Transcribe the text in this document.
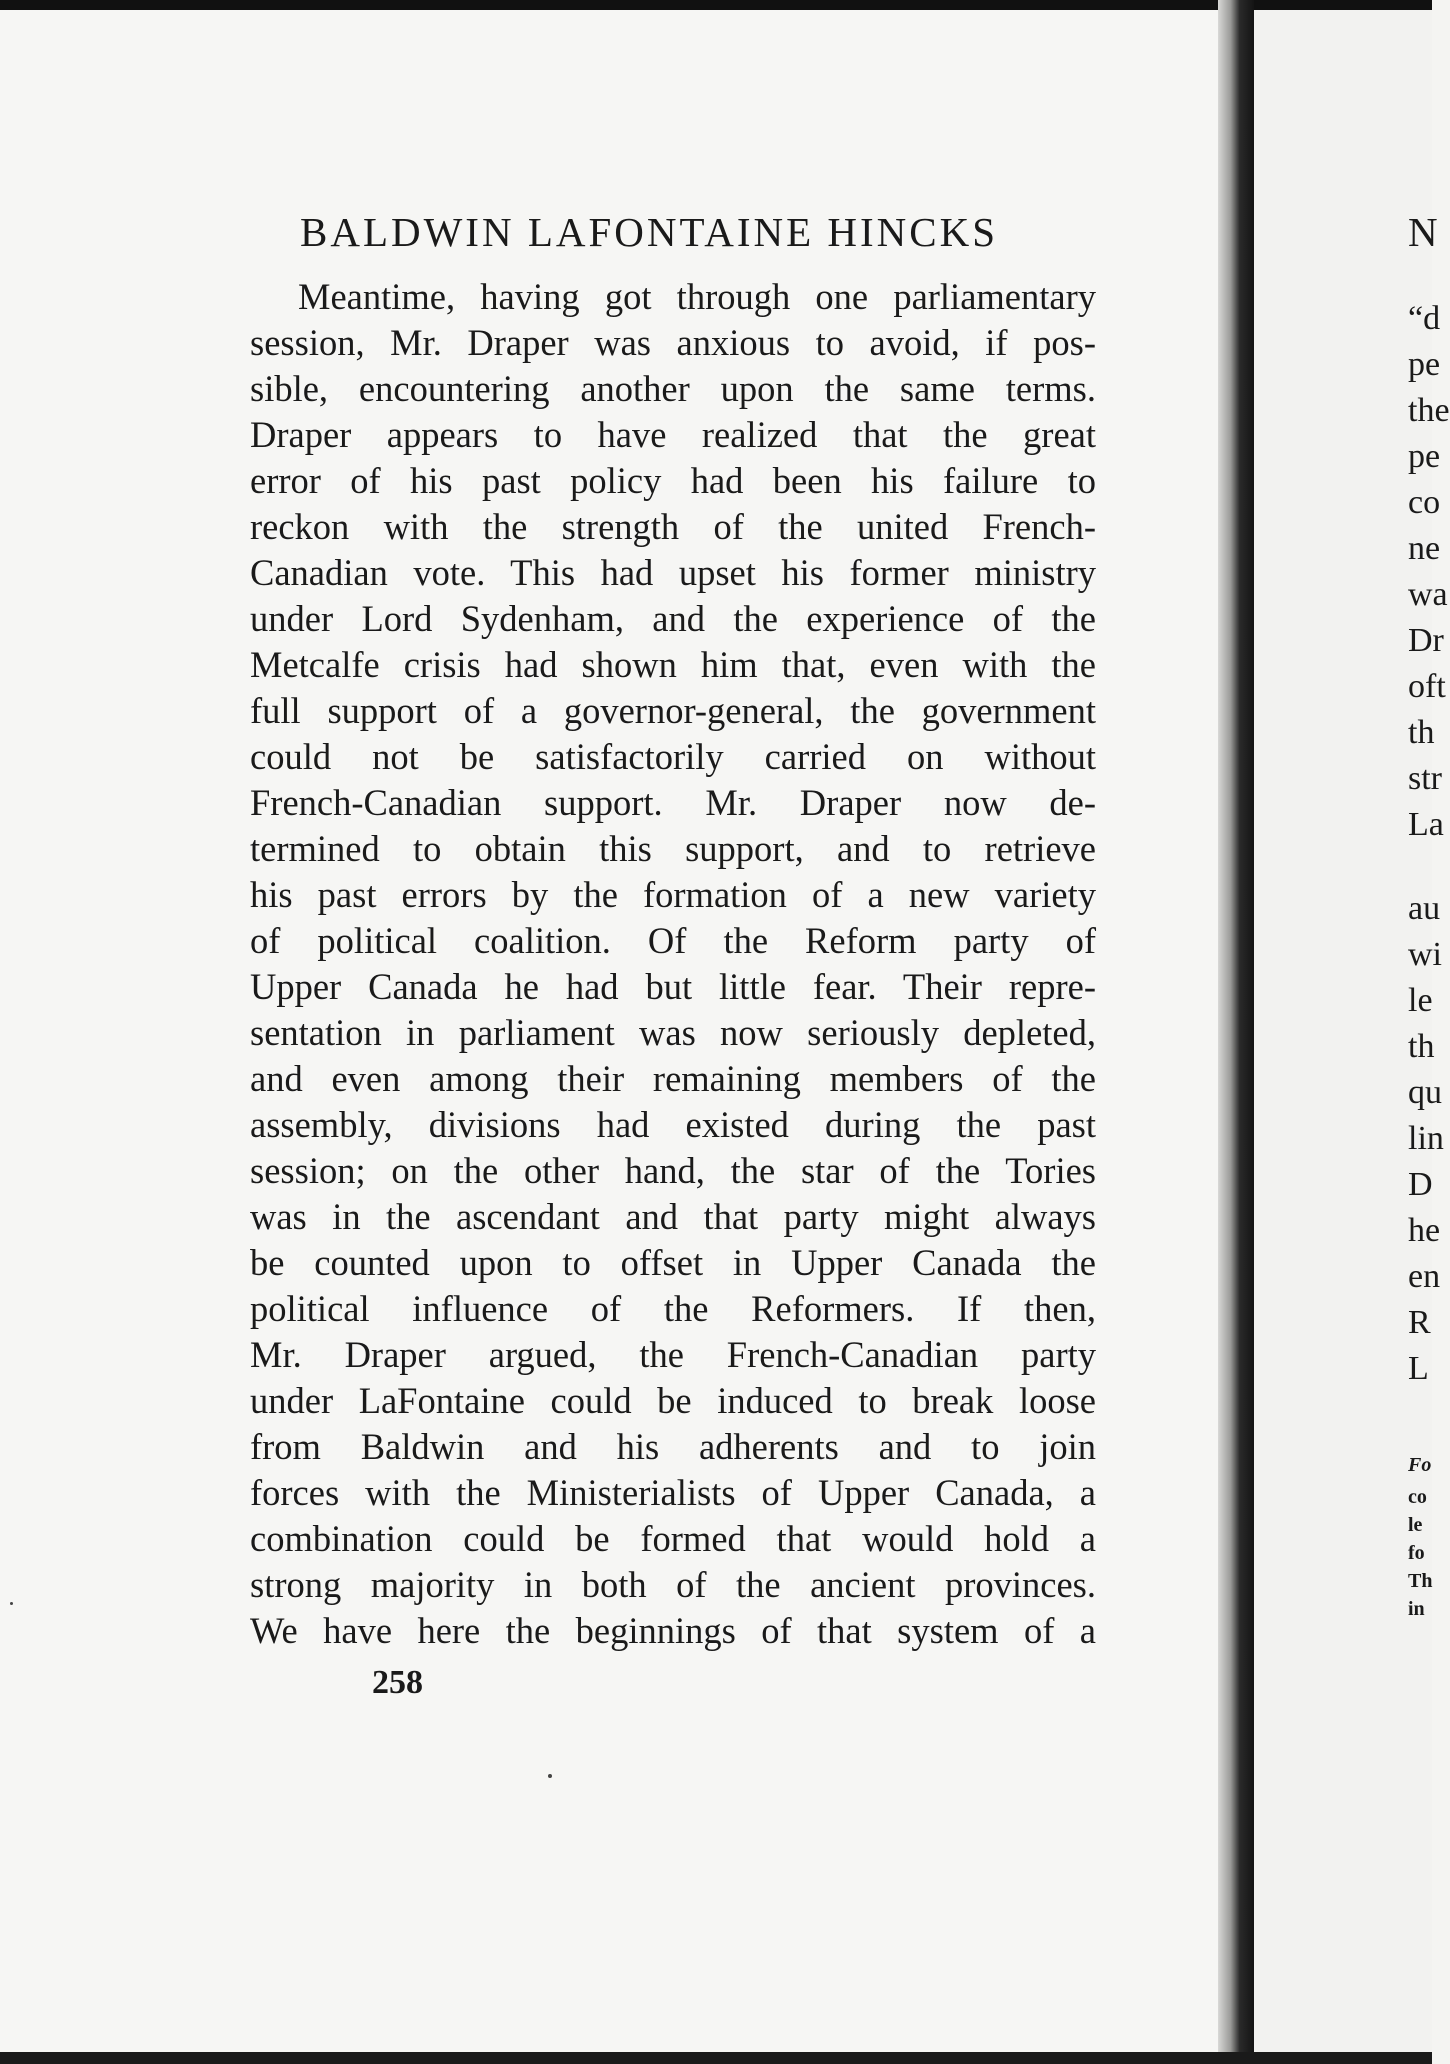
BALDWIN LAFONTAINE HINCKS
Meantime, having got through one parliamentary
session, Mr. Draper was anxious to avoid, if pos-
sible, encountering another upon the same terms.
Draper appears to have realized that the great
error of his past policy had been his failure to
reckon with the strength of the united French-
Canadian vote. This had upset his former ministry
under Lord Sydenham, and the experience of the
Metcalfe crisis had shown him that, even with the
full support of a governor-general, the government
could not be satisfactorily carried on without
French-Canadian support. Mr. Draper now de-
termined to obtain this support, and to retrieve
his past errors by the formation of a new variety
of political coalition. Of the Reform party of
Upper Canada he had but little fear. Their repre-
sentation in parliament was now seriously depleted,
and even among their remaining members of the
assembly, divisions had existed during the past
session; on the other hand, the star of the Tories
was in the ascendant and that party might always
be counted upon to offset in Upper Canada the
political influence of the Reformers. If then,
Mr. Draper argued, the French-Canadian party
under LaFontaine could be induced to break loose
from Baldwin and his adherents and to join
forces with the Ministerialists of Upper Canada, a
combination could be formed that would hold a
strong majority in both of the ancient provinces.
We have here the beginnings of that system of a
258
N
“d
pe
the
pe
co
ne
wa
Dr
oft
th
str
La
au
wi
le
th
qu
lin
D
he
en
R
L
Fo
co
le
fo
Th
in
